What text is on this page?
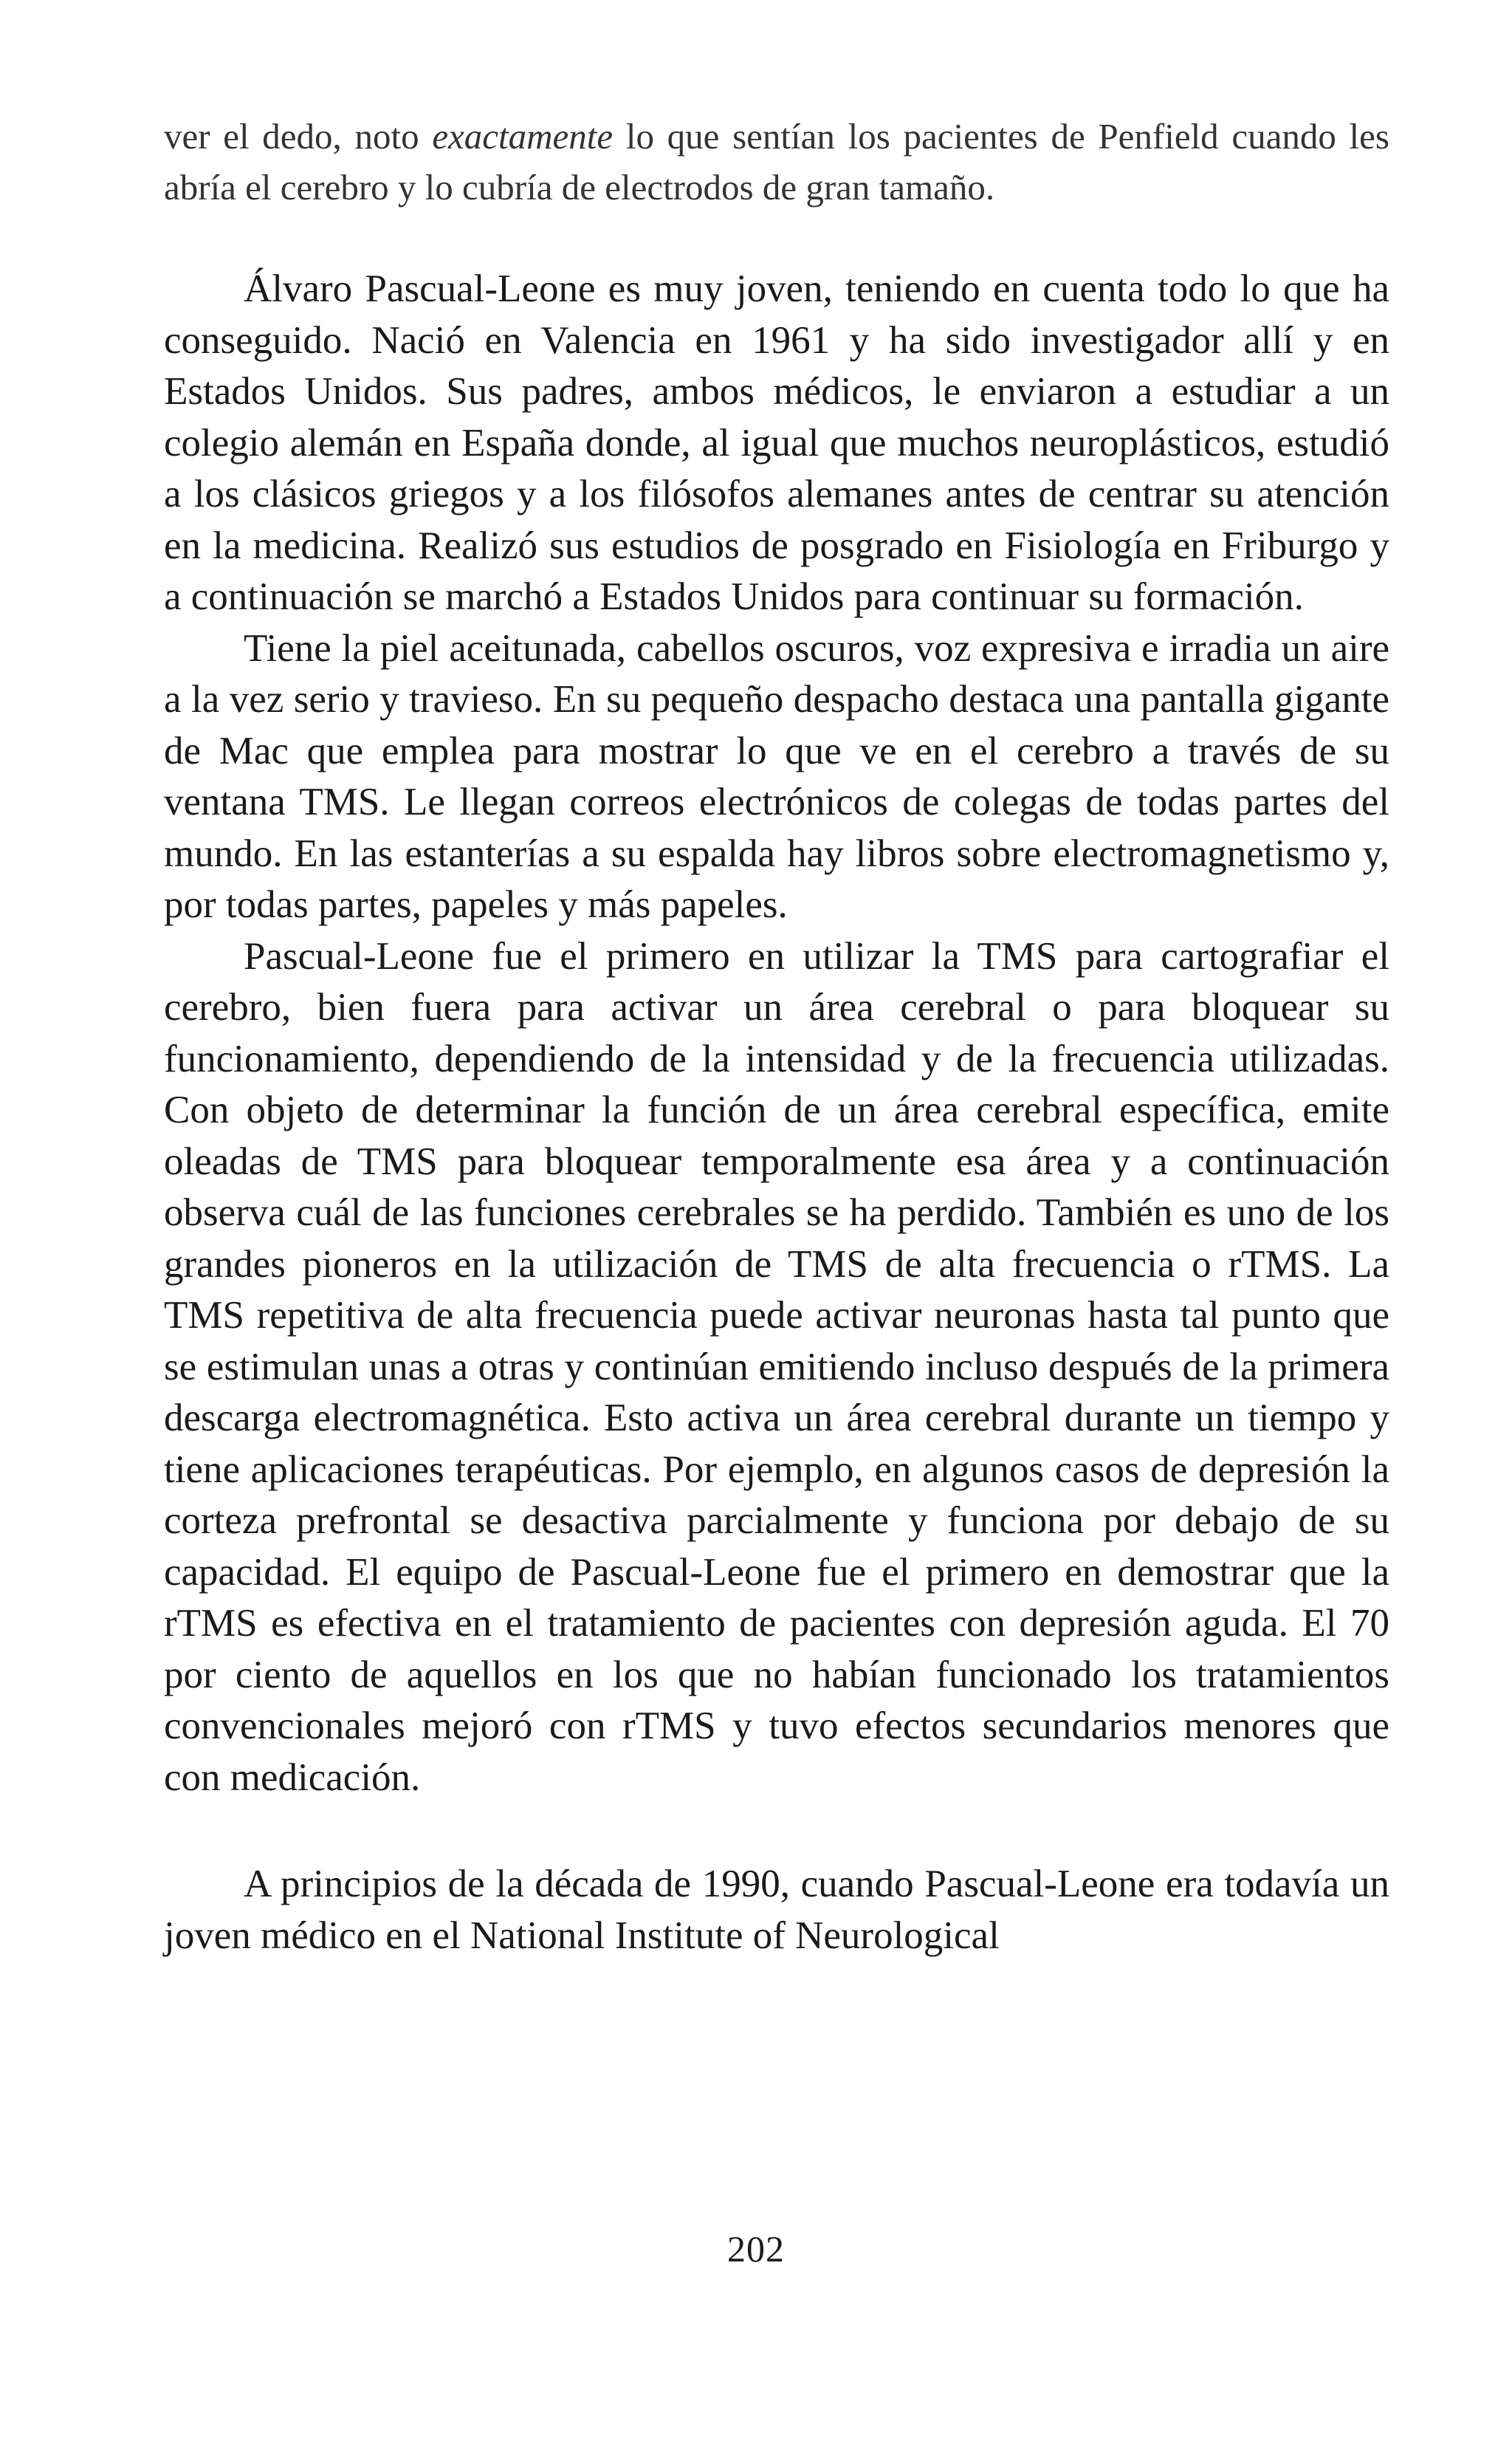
ver el dedo, noto exactamente lo que sentían los pacientes de Penfield cuando les abría el cerebro y lo cubría de electrodos de gran tamaño.

Álvaro Pascual-Leone es muy joven, teniendo en cuenta todo lo que ha conseguido. Nació en Valencia en 1961 y ha sido investigador allí y en Estados Unidos. Sus padres, ambos médicos, le enviaron a estudiar a un colegio alemán en España donde, al igual que muchos neuroplásticos, estudió a los clásicos griegos y a los filósofos alemanes antes de centrar su atención en la medicina. Realizó sus estudios de posgrado en Fisiología en Friburgo y a continuación se marchó a Estados Unidos para continuar su formación.

Tiene la piel aceitunada, cabellos oscuros, voz expresiva e irradia un aire a la vez serio y travieso. En su pequeño despacho destaca una pantalla gigante de Mac que emplea para mostrar lo que ve en el cerebro a través de su ventana TMS. Le llegan correos electrónicos de colegas de todas partes del mundo. En las estanterías a su espalda hay libros sobre electromagnetismo y, por todas partes, papeles y más papeles.

Pascual-Leone fue el primero en utilizar la TMS para cartografiar el cerebro, bien fuera para activar un área cerebral o para bloquear su funcionamiento, dependiendo de la intensidad y de la frecuencia utilizadas. Con objeto de determinar la función de un área cerebral específica, emite oleadas de TMS para bloquear temporalmente esa área y a continuación observa cuál de las funciones cerebrales se ha perdido. También es uno de los grandes pioneros en la utilización de TMS de alta frecuencia o rTMS. La TMS repetitiva de alta frecuencia puede activar neuronas hasta tal punto que se estimulan unas a otras y continúan emitiendo incluso después de la primera descarga electromagnética. Esto activa un área cerebral durante un tiempo y tiene aplicaciones terapéuticas. Por ejemplo, en algunos casos de depresión la corteza prefrontal se desactiva parcialmente y funciona por debajo de su capacidad. El equipo de Pascual-Leone fue el primero en demostrar que la rTMS es efectiva en el tratamiento de pacientes con depresión aguda. El 70 por ciento de aquellos en los que no habían funcionado los tratamientos convencionales mejoró con rTMS y tuvo efectos secundarios menores que con medicación.

A principios de la década de 1990, cuando Pascual-Leone era todavía un joven médico en el National Institute of Neurological

202
